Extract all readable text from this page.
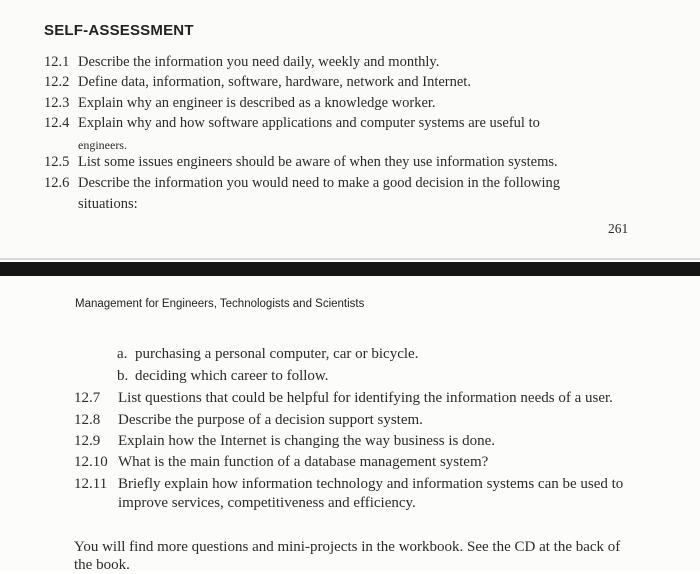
SELF-ASSESSMENT
12.1 Describe the information you need daily, weekly and monthly.
12.2 Define data, information, software, hardware, network and Internet.
12.3 Explain why an engineer is described as a knowledge worker.
12.4 Explain why and how software applications and computer systems are useful to
engineers.
12.5 List some issues engineers should be aware of when they use information systems.
12.6 Describe the information you would need to make a good decision in the following
situations:
261
Management for Engineers, Technologists and Scientists
a. purchasing a personal computer, car or bicycle.
b. deciding which career to follow.
12.7 List questions that could be helpful for identifying the information needs of a user.
12.8 Describe the purpose of a decision support system.
12.9 Explain how the Internet is changing the way business is done.
12.10 What is the main function of a database management system?
12.11 Briefly explain how information technology and information systems can be used to
improve services, competitiveness and efficiency.
You will find more questions and mini-projects in the workbook. See the CD at the back of
the book.
